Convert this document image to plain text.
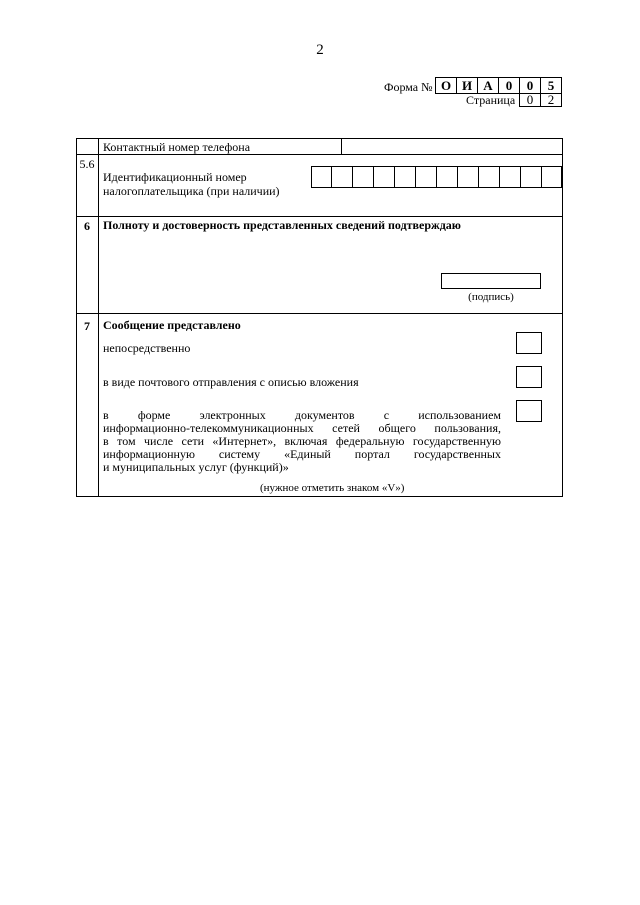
2
Форма № О И А	0	0	5
Страница 0	2
Контактный номер телефона
5.6
Идентификационный номер
налогоплательщика (при наличии)
6	Полноту и достоверность представленных сведений подтверждаю
(подпись)
7	Сообщение представлено
непосредственно
в виде почтового отправления с описью вложения
в форме электронных документов с использованием
информационно-телекоммуникационных сетей общего пользования,
в том числе сети «Интернет», включая федеральную государственную
информационную систему «Единый портал государственных
и муниципальных услуг (функций)»
(нужное отметить знаком «V»)
